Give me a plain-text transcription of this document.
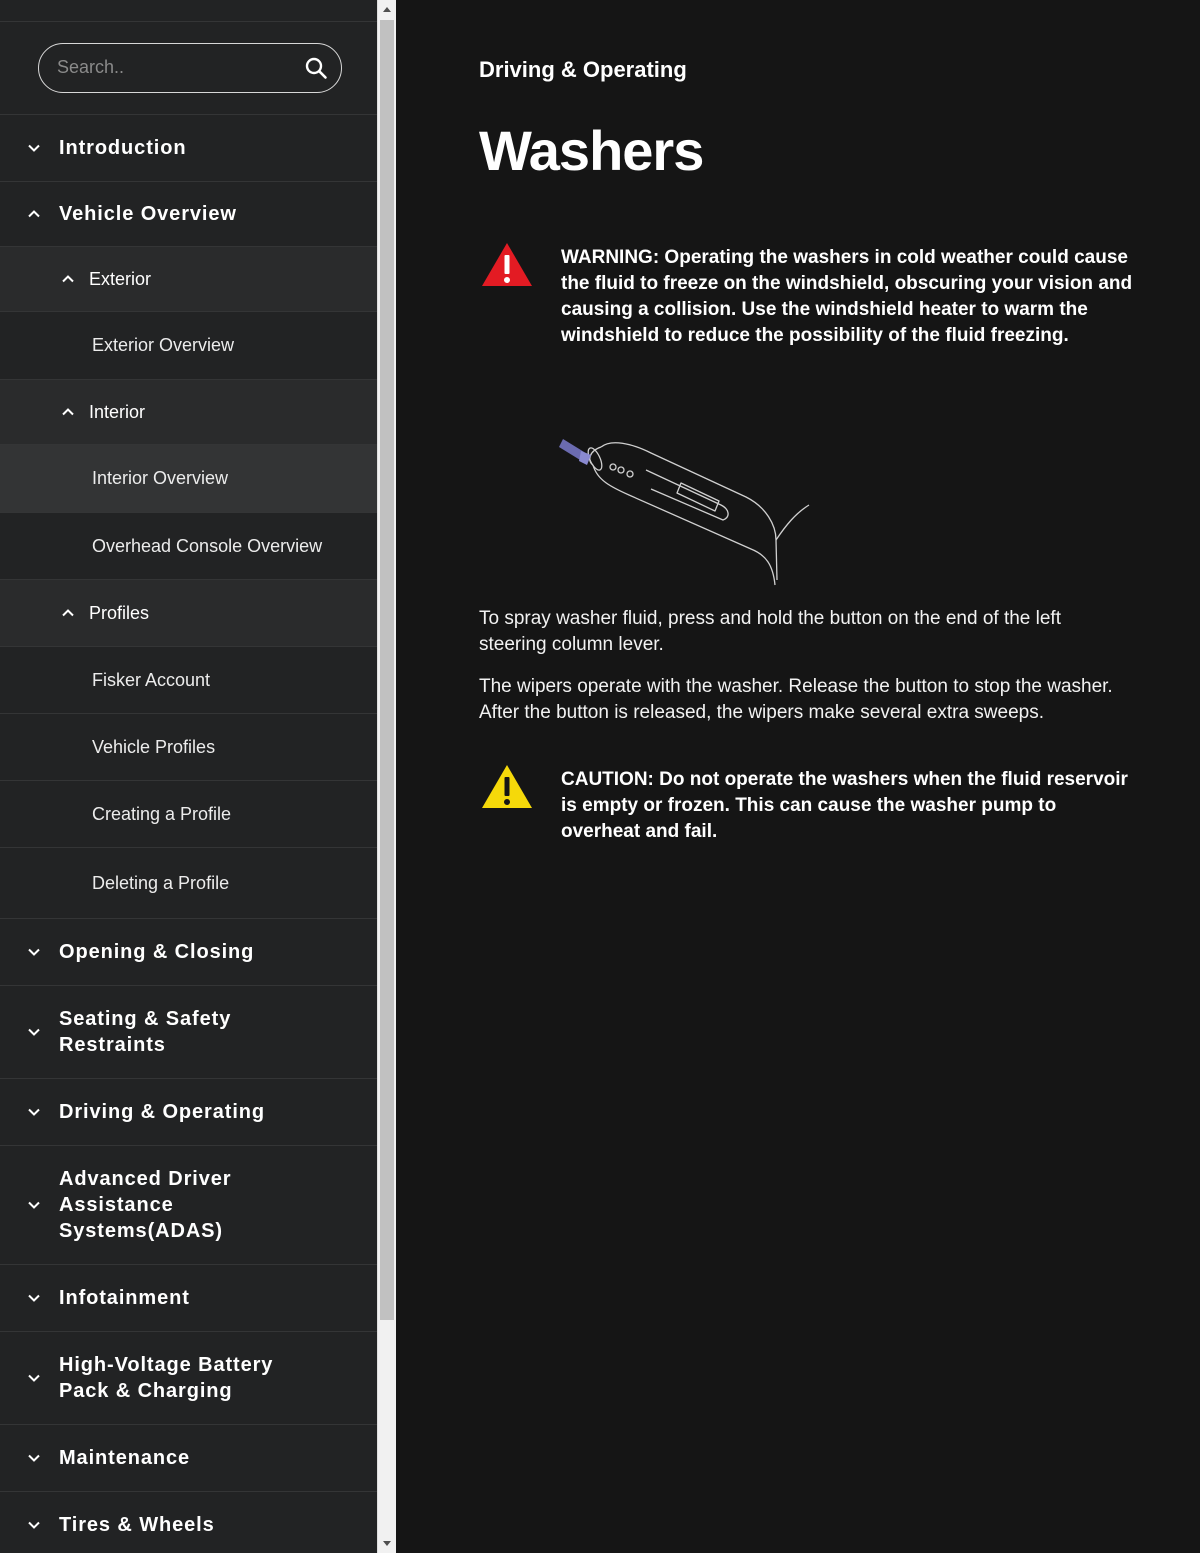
Search..
Introduction
Vehicle Overview
Exterior
Exterior Overview
Interior
Interior Overview
Overhead Console Overview
Profiles
Fisker Account
Vehicle Profiles
Creating a Profile
Deleting a Profile
Opening & Closing
Seating & Safety Restraints
Driving & Operating
Advanced Driver Assistance Systems(ADAS)
Infotainment
High-Voltage Battery Pack & Charging
Maintenance
Tires & Wheels
Driving & Operating
Washers

WARNING: Operating the washers in cold weather could cause the fluid to freeze on the windshield, obscuring your vision and causing a collision. Use the windshield heater to warm the windshield to reduce the possibility of the fluid freezing.

To spray washer fluid, press and hold the button on the end of the left steering column lever.

The wipers operate with the washer. Release the button to stop the washer. After the button is released, the wipers make several extra sweeps.

CAUTION: Do not operate the washers when the fluid reservoir is empty or frozen. This can cause the washer pump to overheat and fail.
